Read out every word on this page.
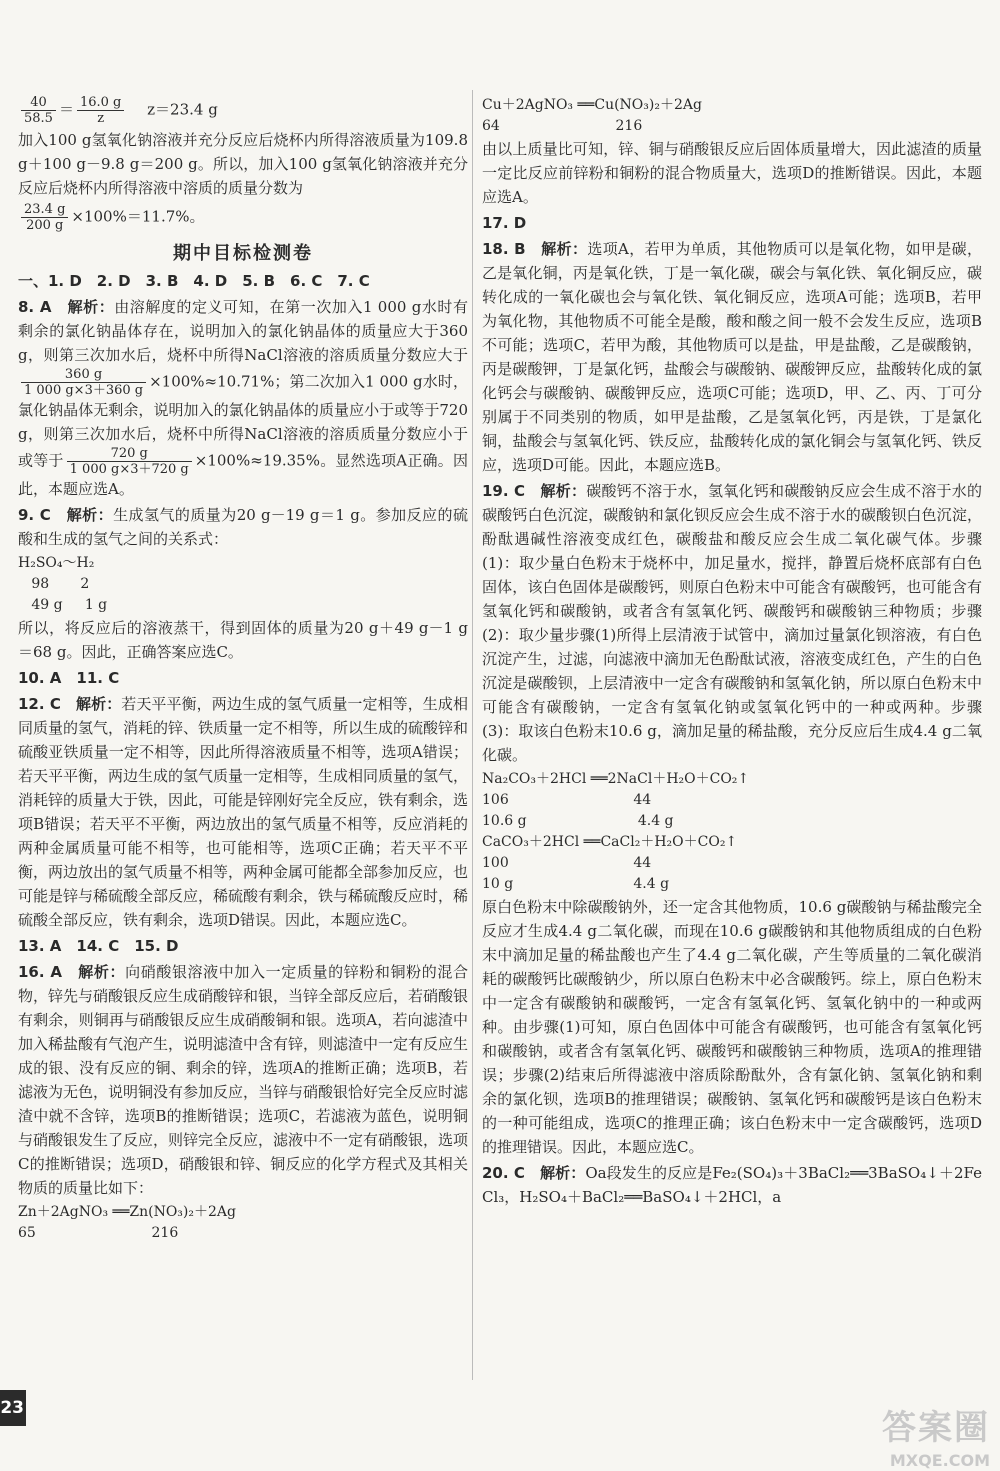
$\frac{40}{58.5} = \frac{16.0 g}{z}$
　 z＝23.4 g

加入100 g氢氧化钠溶液并充分反应后烧杯内所得溶液质量为109.8 g＋100 g－9.8 g＝200 g。所以，加入100 g氢氧化钠溶液并充分反应后烧杯内所得溶液中溶质的质量分数为

$\frac{23.4 g}{200 g} \times 100\%=11.7\%$。
期中目标检测卷

一、1. D　2. D　3. B　4. D　5. B　6. C　7. C

8. A　 解析：由溶解度的定义可知，在第一次加入1 000 g水时有剩余的氯化钠晶体存在，说明加入的氯化钠晶体的质量应大于360 g，则第三次加水后，烧杯中所得NaCl溶液的溶质质量分数应大于
$\frac{360 g}{1 000 g\times 3+360 g} \times 100\%\approx 10.71\%$；第二次加入1 000 g水时，氯化钠晶体无剩余，说明加入的氯化钠晶体的质量应小于或等于720 g，则第三次加水后，烧杯中所得NaCl溶液的溶质质量分数应小于或等于 $\frac{720 g}{1 000 g\times 3+720 g} \times 100\%\approx 19.35\%$。显然选项A正确。因此，本题应选A。

9. C　 解析：生成氢气的质量为20 g－19 g＝1 g。参加反应的硫酸和生成的氢气之间的关系式：

H₂SO₄～H₂

98       2

49 g     1 g

所以，将反应后的溶液蒸干，得到固体的质量为20 g＋49 g－1 g＝68 g。因此，正确答案应选C。

10. A　11. C

12. C　 解析：若天平平衡，两边生成的氢气质量一定相等，生成相同质量的氢气，消耗的锌、铁质量一定不相等，所以生成的硫酸锌和硫酸亚铁质量一定不相等，因此所得溶液质量不相等，选项A错误；若天平平衡，两边生成的氢气质量一定相等，生成相同质量的氢气，消耗锌的质量大于铁，因此，可能是锌刚好完全反应，铁有剩余，选项B错误；若天平不平衡，两边放出的氢气质量不相等，反应消耗的两种金属质量可能不相等，也可能相等，选项C正确；若天平不平衡，两边放出的氢气质量不相等，两种金属可能都全部参加反应，也可能是锌与稀硫酸全部反应，稀硫酸有剩余，铁与稀硫酸反应时，稀硫酸全部反应，铁有剩余，选项D错误。因此，本题应选C。

13. A　14. C　15. D

16. A　 解析：向硝酸银溶液中加入一定质量的锌粉和铜粉的混合物，锌先与硝酸银反应生成硝酸锌和银，当锌全部反应后，若硝酸银有剩余，则铜再与硝酸银反应生成硝酸铜和银。选项A，若向滤渣中加入稀盐酸有气泡产生，说明滤渣中含有锌，则滤渣中一定有反应生成的银、没有反应的铜、剩余的锌，选项A的推断正确；选项B，若滤液为无色，说明铜没有参加反应，当锌与硝酸银恰好完全反应时滤渣中就不含锌，选项B的推断错误；选项C，若滤液为蓝色，说明铜与硝酸银发生了反应，则锌完全反应，滤液中不一定有硝酸银，选项C的推断错误；选项D，硝酸银和锌、铜反应的化学方程式及其相关物质的质量比如下：

Zn＋2AgNO₃ ══Zn(NO₃)₂＋2Ag

65                          216

Cu＋2AgNO₃ ══Cu(NO₃)₂＋2Ag

64                          216

由以上质量比可知，锌、铜与硝酸银反应后固体质量增大，因此滤渣的质量一定比反应前锌粉和铜粉的混合物质量大，选项D的推断错误。因此，本题应选A。

17. D

18. B　 解析：选项A，若甲为单质，其他物质可以是氧化物，如甲是碳，乙是氧化铜，丙是氧化铁，丁是一氧化碳，碳会与氧化铁、氧化铜反应，碳转化成的一氧化碳也会与氧化铁、氧化铜反应，选项A可能；选项B，若甲为氧化物，其他物质不可能全是酸，酸和酸之间一般不会发生反应，选项B不可能；选项C，若甲为酸，其他物质可以是盐，甲是盐酸，乙是碳酸钠，丙是碳酸钾，丁是氯化钙，盐酸会与碳酸钠、碳酸钾反应，盐酸转化成的氯化钙会与碳酸钠、碳酸钾反应，选项C可能；选项D，甲、乙、丙、丁可分别属于不同类别的物质，如甲是盐酸，乙是氢氧化钙，丙是铁，丁是氯化铜，盐酸会与氢氧化钙、铁反应，盐酸转化成的氯化铜会与氢氧化钙、铁反应，选项D可能。因此，本题应选B。

19. C　 解析：碳酸钙不溶于水，氢氧化钙和碳酸钠反应会生成不溶于水的碳酸钙白色沉淀，碳酸钠和氯化钡反应会生成不溶于水的碳酸钡白色沉淀，酚酞遇碱性溶液变成红色，碳酸盐和酸反应会生成二氧化碳气体。步骤(1)：取少量白色粉末于烧杯中，加足量水，搅拌，静置后烧杯底部有白色固体，该白色固体是碳酸钙，则原白色粉末中可能含有碳酸钙，也可能含有氢氧化钙和碳酸钠，或者含有氢氧化钙、碳酸钙和碳酸钠三种物质；步骤(2)：取少量步骤(1)所得上层清液于试管中，滴加过量氯化钡溶液，有白色沉淀产生，过滤，向滤液中滴加无色酚酞试液，溶液变成红色，产生的白色沉淀是碳酸钡，上层清液中一定含有碳酸钠和氢氧化钠，所以原白色粉末中可能含有碳酸钠，一定含有氢氧化钠或氢氧化钙中的一种或两种。步骤(3)：取该白色粉末10.6 g，滴加足量的稀盐酸，充分反应后生成4.4 g二氧化碳。

Na₂CO₃＋2HCl ══2NaCl＋H₂O＋CO₂↑

106                            44

10.6 g                         4.4 g

CaCO₃＋2HCl ══CaCl₂＋H₂O＋CO₂↑

100                            44

10 g                           4.4 g

原白色粉末中除碳酸钠外，还一定含其他物质，10.6 g碳酸钠与稀盐酸完全反应才生成4.4 g二氧化碳，而现在10.6 g碳酸钠和其他物质组成的白色粉末中滴加足量的稀盐酸也产生了4.4 g二氧化碳，产生等质量的二氧化碳消耗的碳酸钙比碳酸钠少，所以原白色粉末中必含碳酸钙。综上，原白色粉末中一定含有碳酸钠和碳酸钙，一定含有氢氧化钙、氢氧化钠中的一种或两种。由步骤(1)可知，原白色固体中可能含有碳酸钙，也可能含有氢氧化钙和碳酸钠，或者含有氢氧化钙、碳酸钙和碳酸钠三种物质，选项A的推理错误；步骤(2)结束后所得滤液中溶质除酚酞外，含有氯化钠、氢氧化钠和剩余的氯化钡，选项B的推理错误；碳酸钠、氢氧化钙和碳酸钙是该白色粉末的一种可能组成，选项C的推理正确；该白色粉末中一定含碳酸钙，选项D的推理错误。因此，本题应选C。

20. C　 解析：Oa段发生的反应是Fe₂(SO₄)₃＋3BaCl₂══3BaSO₄↓＋2FeCl₃，H₂SO₄＋BaCl₂══BaSO₄↓＋2HCl，a

23	答案圈
MXQE.COM
